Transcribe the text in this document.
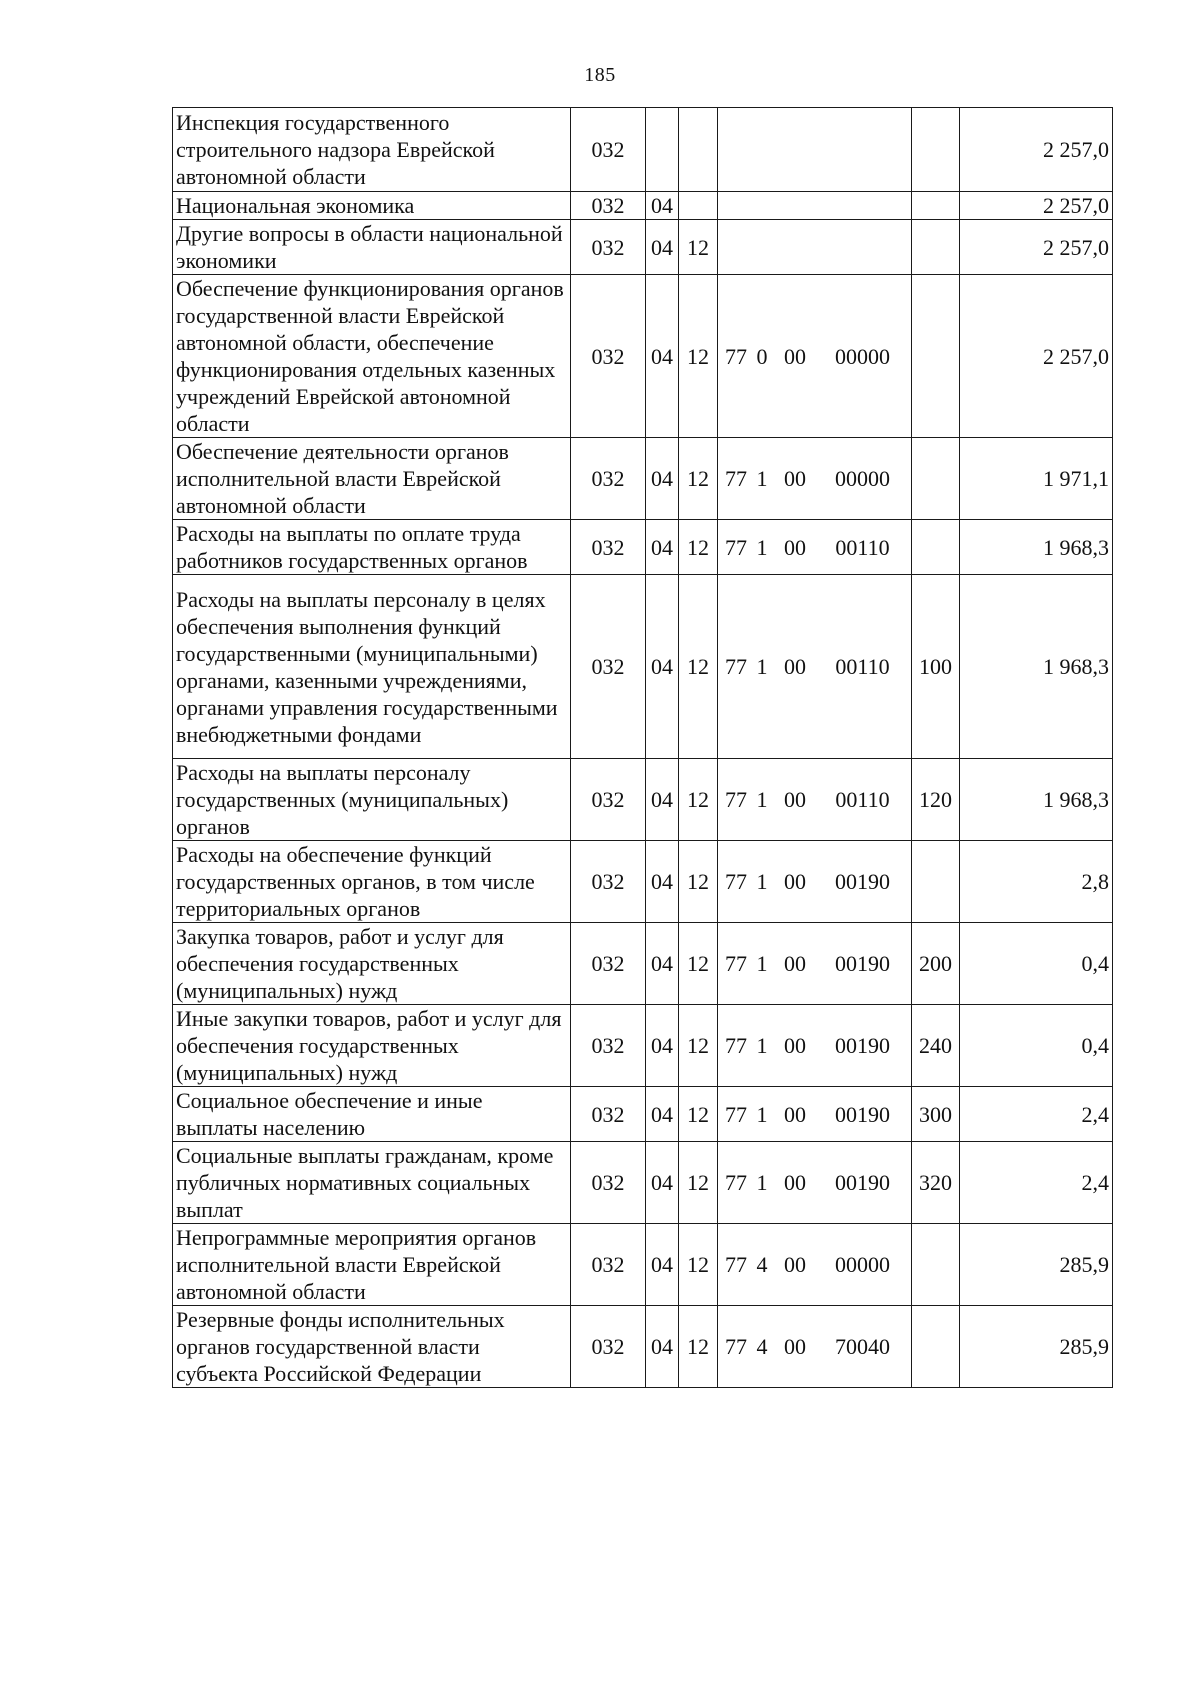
185
Инспекция государственного строительного надзора Еврейской автономной области	032					2 257,0
Национальная экономика	032	04				2 257,0
Другие вопросы в области национальной экономики	032	04	12			2 257,0
Обеспечение функционирования органов государственной власти Еврейской автономной области, обеспечение функционирования отдельных казенных учреждений Еврейской автономной области	032	04	12	77 0 00 00000		2 257,0
Обеспечение деятельности органов исполнительной власти Еврейской автономной области	032	04	12	77 1 00 00000		1 971,1
Расходы на выплаты по оплате труда работников государственных органов	032	04	12	77 1 00 00110		1 968,3
Расходы на выплаты персоналу в целях обеспечения выполнения функций государственными (муниципальными) органами, казенными учреждениями, органами управления государственными внебюджетными фондами	032	04	12	77 1 00 00110	100	1 968,3
Расходы на выплаты персоналу государственных (муниципальных) органов	032	04	12	77 1 00 00110	120	1 968,3
Расходы на обеспечение функций государственных органов, в том числе территориальных органов	032	04	12	77 1 00 00190		2,8
Закупка товаров, работ и услуг для обеспечения государственных (муниципальных) нужд	032	04	12	77 1 00 00190	200	0,4
Иные закупки товаров, работ и услуг для обеспечения государственных (муниципальных) нужд	032	04	12	77 1 00 00190	240	0,4
Социальное обеспечение и иные выплаты населению	032	04	12	77 1 00 00190	300	2,4
Социальные выплаты гражданам, кроме публичных нормативных социальных выплат	032	04	12	77 1 00 00190	320	2,4
Непрограммные мероприятия органов исполнительной власти Еврейской автономной области	032	04	12	77 4 00 00000		285,9
Резервные фонды исполнительных органов государственной власти субъекта Российской Федерации	032	04	12	77 4 00 70040		285,9
